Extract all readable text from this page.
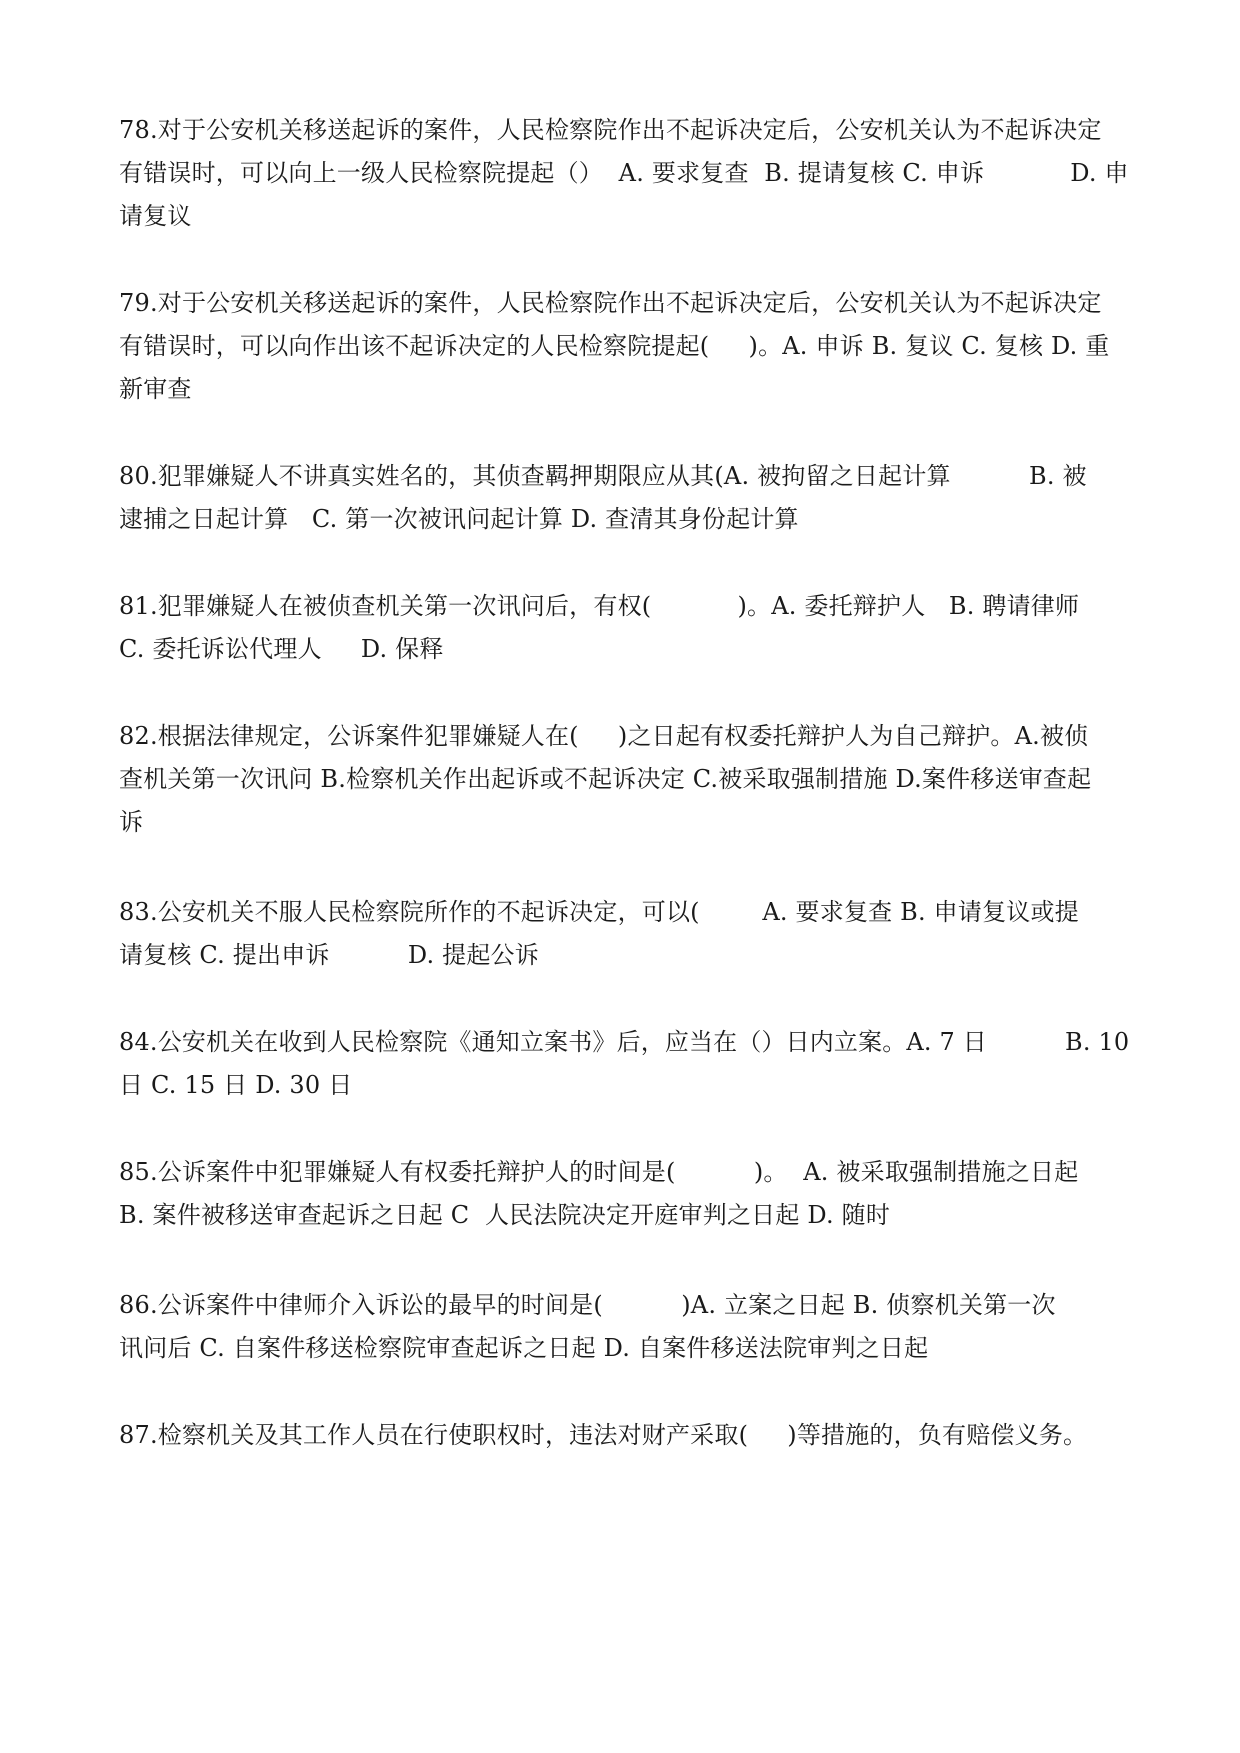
78.对于公安机关移送起诉的案件，人民检察院作出不起诉决定后，公安机关认为不起诉决定
有错误时，可以向上一级人民检察院提起（）  A. 要求复查  B. 提请复核 C. 申诉           D. 申
请复议
79.对于公安机关移送起诉的案件，人民检察院作出不起诉决定后，公安机关认为不起诉决定
有错误时，可以向作出该不起诉决定的人民检察院提起(     )。A. 申诉 B. 复议 C. 复核 D. 重
新审查
80.犯罪嫌疑人不讲真实姓名的，其侦查羁押期限应从其(A. 被拘留之日起计算          B. 被
逮捕之日起计算   C. 第一次被讯问起计算 D. 查清其身份起计算
81.犯罪嫌疑人在被侦查机关第一次讯问后，有权(           )。A. 委托辩护人   B. 聘请律师
C. 委托诉讼代理人     D. 保释
82.根据法律规定，公诉案件犯罪嫌疑人在(     )之日起有权委托辩护人为自己辩护。A.被侦
查机关第一次讯问 B.检察机关作出起诉或不起诉决定 C.被采取强制措施 D.案件移送审查起
诉
83.公安机关不服人民检察院所作的不起诉决定，可以(        A. 要求复查 B. 申请复议或提
请复核 C. 提出申诉          D. 提起公诉
84.公安机关在收到人民检察院《通知立案书》后，应当在（）日内立案。A. 7 日          B. 10
日 C. 15 日 D. 30 日
85.公诉案件中犯罪嫌疑人有权委托辩护人的时间是(          )。  A. 被采取强制措施之日起
B. 案件被移送审查起诉之日起 C  人民法院决定开庭审判之日起 D. 随时
86.公诉案件中律师介入诉讼的最早的时间是(          )A. 立案之日起 B. 侦察机关第一次
讯问后 C. 自案件移送检察院审查起诉之日起 D. 自案件移送法院审判之日起
87.检察机关及其工作人员在行使职权时，违法对财产采取(     )等措施的，负有赔偿义务。
